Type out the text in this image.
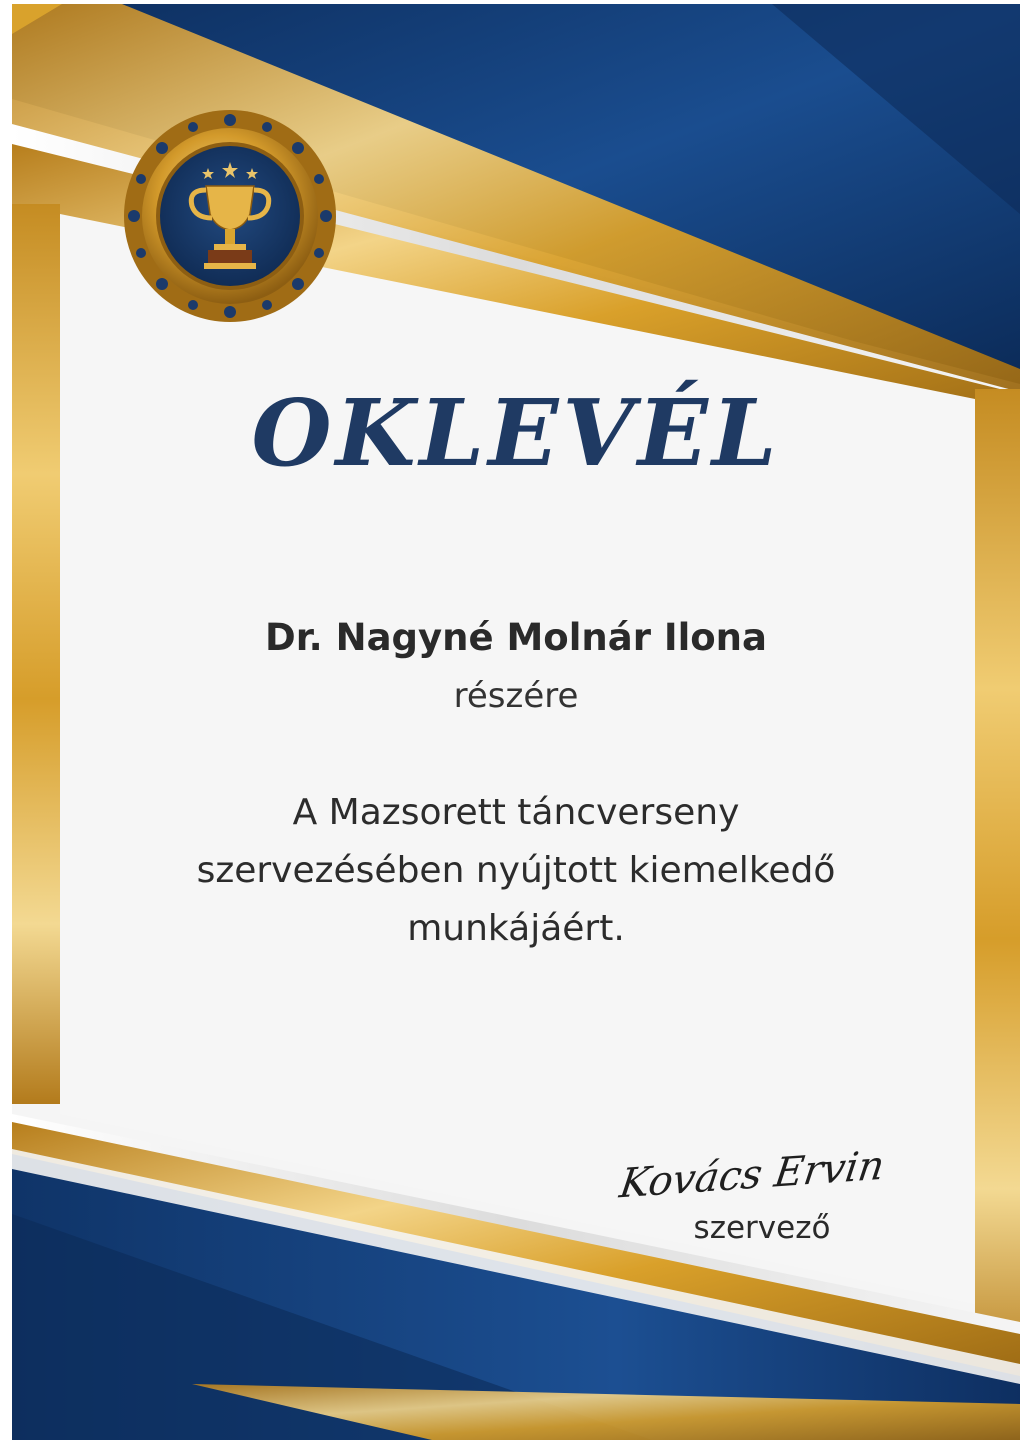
OKLEVÉL

Dr. Nagyné Molnár Ilona

részére

A Mazsorett táncverseny
szervezésében nyújtott kiemelkedő
munkájáért.

Kovács Ervin

szervező
